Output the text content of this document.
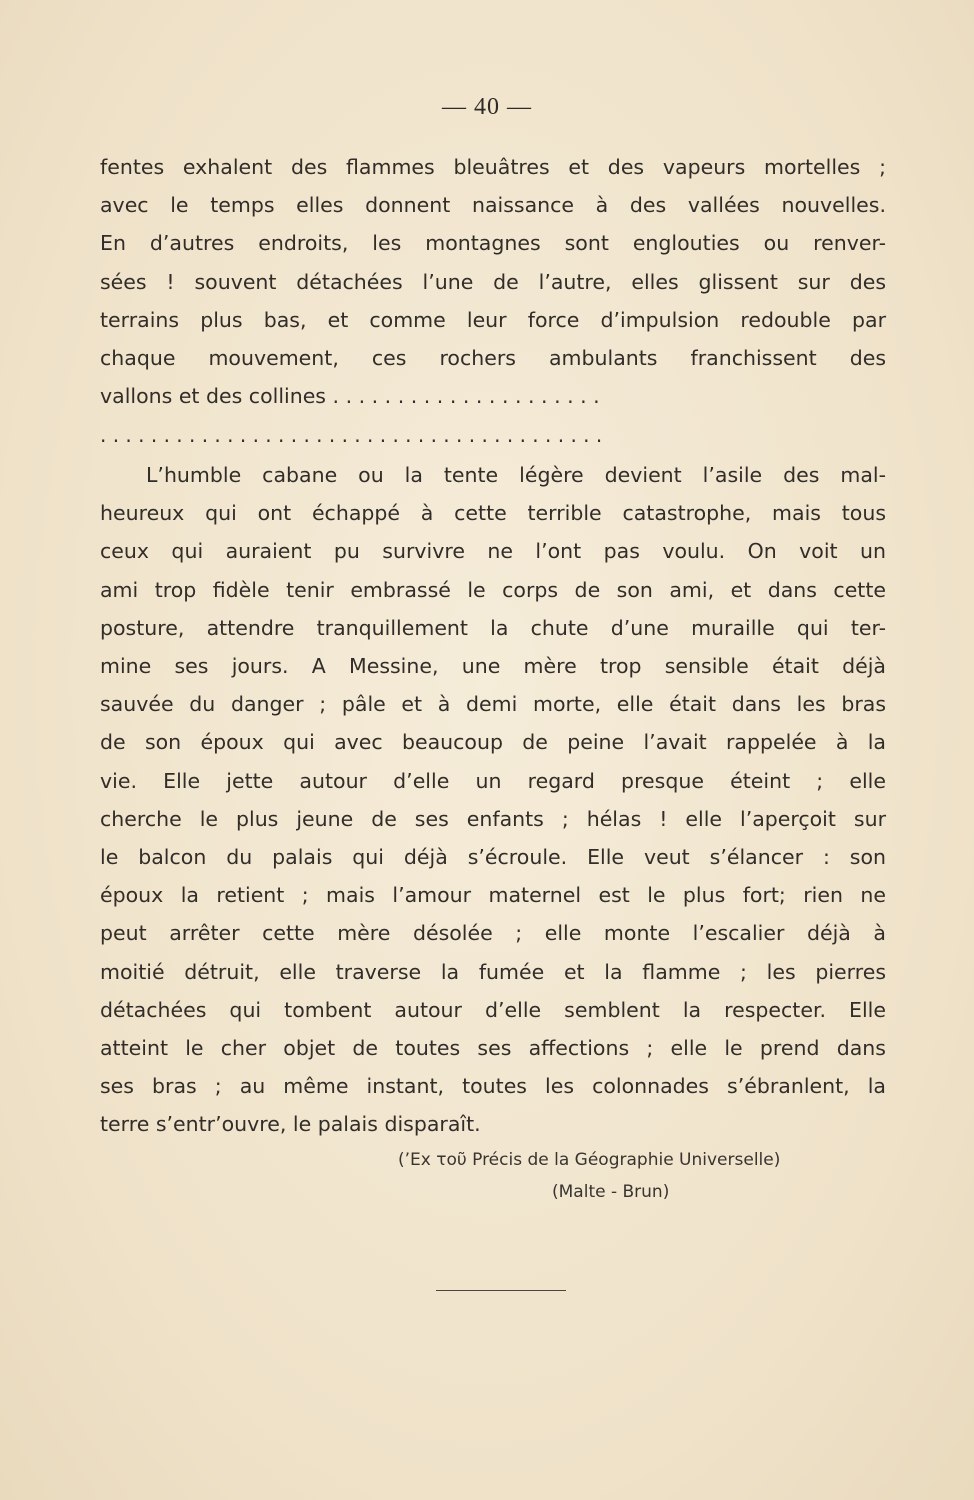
— 40 —
fentes exhalent des flammes bleuâtres et des vapeurs mortelles ;
avec le temps elles donnent naissance à des vallées nouvelles.
En d’autres endroits, les montagnes sont englouties ou renver-
sées ! souvent détachées l’une de l’autre, elles glissent sur des
terrains plus bas, et comme leur force d’impulsion redouble par
chaque mouvement, ces rochers ambulants franchissent des
vallons et des collines . . . . . . . . . . . . . . . . . . . . .
. . . . . . . . . . . . . . . . . . . . . . . . . . . . . . . . . . . . . . . .
L’humble cabane ou la tente légère devient l’asile des mal-
heureux qui ont échappé à cette terrible catastrophe, mais tous
ceux qui auraient pu survivre ne l’ont pas voulu. On voit un
ami trop fidèle tenir embrassé le corps de son ami, et dans cette
posture, attendre tranquillement la chute d’une muraille qui ter-
mine ses jours. A Messine, une mère trop sensible était déjà
sauvée du danger ; pâle et à demi morte, elle était dans les bras
de son époux qui avec beaucoup de peine l’avait rappelée à la
vie. Elle jette autour d’elle un regard presque éteint ; elle
cherche le plus jeune de ses enfants ; hélas ! elle l’aperçoit sur
le balcon du palais qui déjà s’écroule. Elle veut s’élancer : son
époux la retient ; mais l’amour maternel est le plus fort; rien ne
peut arrêter cette mère désolée ; elle monte l’escalier déjà à
moitié détruit, elle traverse la fumée et la flamme ; les pierres
détachées qui tombent autour d’elle semblent la respecter. Elle
atteint le cher objet de toutes ses affections ; elle le prend dans
ses bras ; au même instant, toutes les colonnades s’ébranlent, la
terre s’entr’ouvre, le palais disparaît.
(’Ex τοῦ Précis de la Géographie Universelle)
(Malte - Brun)
